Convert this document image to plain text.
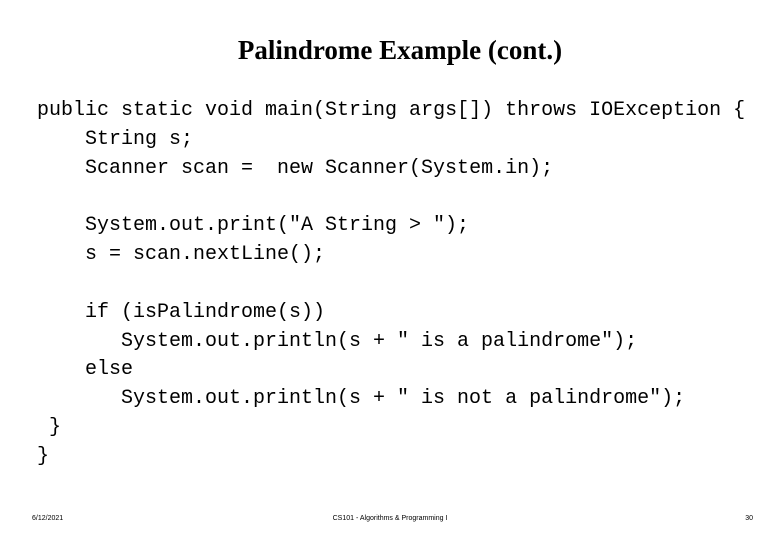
Palindrome Example (cont.)
public static void main(String args[]) throws IOException {
String s;
Scanner scan =  new Scanner(System.in);
System.out.print("A String > ");
s = scan.nextLine();
if (isPalindrome(s))
System.out.println(s + " is a palindrome");
else
System.out.println(s + " is not a palindrome");
}
}
6/12/2021	CS101 - Algorithms & Programming I	30
